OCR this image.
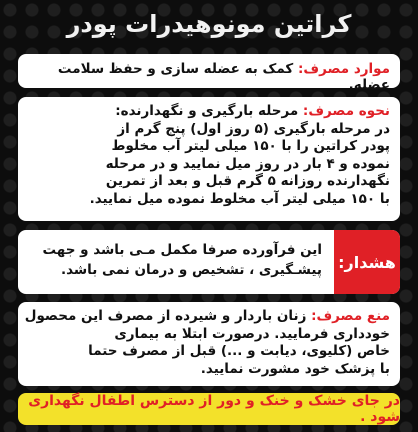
کراتین مونوهیدرات پودر
موارد مصرف: کمک به عضله سازی و حفظ سلامت عضله.
نحوه مصرف: مرحله بارگیری و نگهدارنده:
در مرحله بارگیری (۵ روز اول) پنج گرم از
پودر کراتین را با ۱۵۰ میلی لیتر آب مخلوط
نموده و ۴ بار در روز میل نمایید و در مرحله
نگهدارنده روزانه ۵ گرم قبل و بعد از تمرین
با ۱۵۰ میلی لیتر آب مخلوط نموده میل نمایید.
هشدار:
این فرآورده صرفا مکمل مـی باشد و جهت
پیشـگیری ، تشخیص و درمان نمی باشد.
منع مصرف: زنان باردار و شیرده از مصرف این محصول
خودداری فرمایید. درصورت ابتلا به بیماری
خاص (کلیوی، دیابت و ...) قبل از مصرف حتما
با پزشک خود مشورت نمایید.
در جای خشک و خنک و دور از دسترس اطفال نگهداری شود .
